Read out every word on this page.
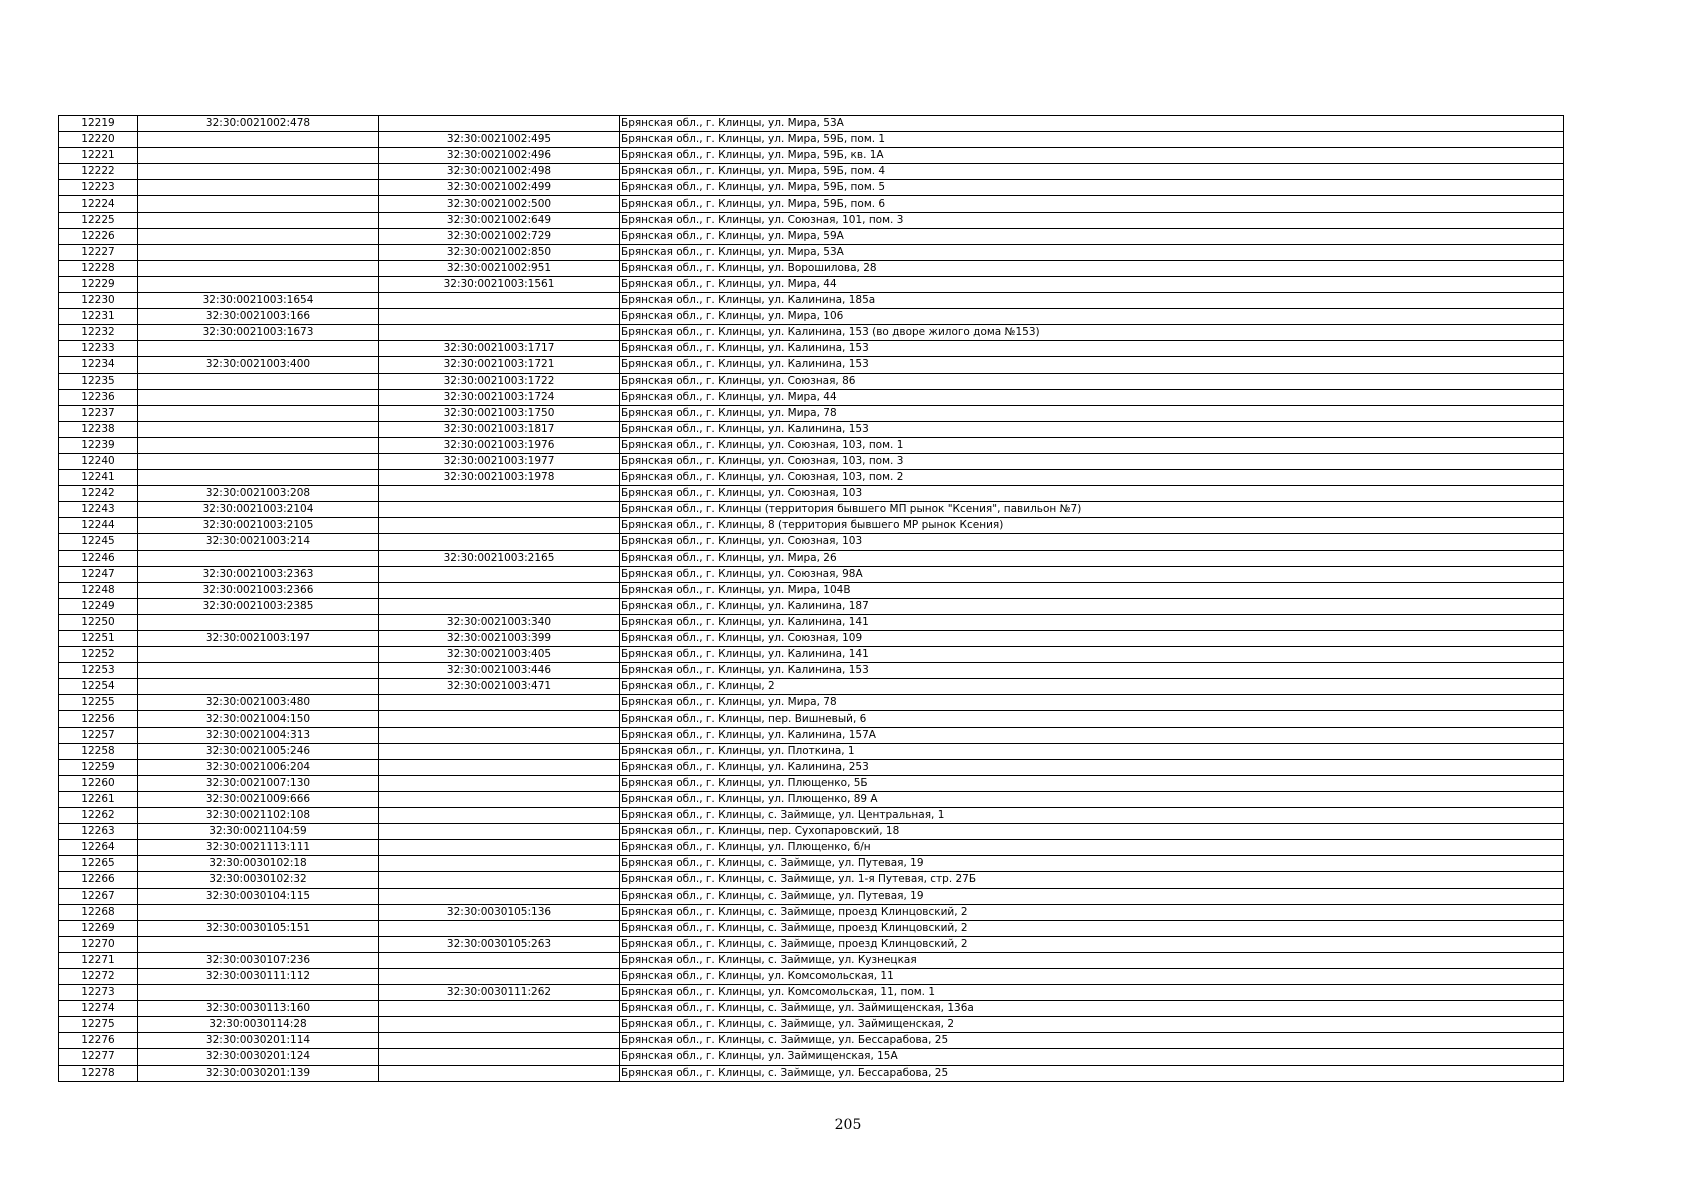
12219	32:30:0021002:478		Брянская обл., г. Клинцы, ул. Мира, 53А
12220		32:30:0021002:495	Брянская обл., г. Клинцы, ул. Мира, 59Б, пом. 1
12221		32:30:0021002:496	Брянская обл., г. Клинцы, ул. Мира, 59Б, кв. 1А
12222		32:30:0021002:498	Брянская обл., г. Клинцы, ул. Мира, 59Б, пом. 4
12223		32:30:0021002:499	Брянская обл., г. Клинцы, ул. Мира, 59Б, пом. 5
12224		32:30:0021002:500	Брянская обл., г. Клинцы, ул. Мира, 59Б, пом. 6
12225		32:30:0021002:649	Брянская обл., г. Клинцы, ул. Союзная, 101, пом. 3
12226		32:30:0021002:729	Брянская обл., г. Клинцы, ул. Мира, 59А
12227		32:30:0021002:850	Брянская обл., г. Клинцы, ул. Мира, 53А
12228		32:30:0021002:951	Брянская обл., г. Клинцы, ул. Ворошилова, 28
12229		32:30:0021003:1561	Брянская обл., г. Клинцы, ул. Мира, 44
12230	32:30:0021003:1654		Брянская обл., г. Клинцы, ул. Калинина, 185а
12231	32:30:0021003:166		Брянская обл., г. Клинцы, ул. Мира, 106
12232	32:30:0021003:1673		Брянская обл., г. Клинцы, ул. Калинина, 153 (во дворе жилого дома №153)
12233		32:30:0021003:1717	Брянская обл., г. Клинцы, ул. Калинина, 153
12234	32:30:0021003:400	32:30:0021003:1721	Брянская обл., г. Клинцы, ул. Калинина, 153
12235		32:30:0021003:1722	Брянская обл., г. Клинцы, ул. Союзная, 86
12236		32:30:0021003:1724	Брянская обл., г. Клинцы, ул. Мира, 44
12237		32:30:0021003:1750	Брянская обл., г. Клинцы, ул. Мира, 78
12238		32:30:0021003:1817	Брянская обл., г. Клинцы, ул. Калинина, 153
12239		32:30:0021003:1976	Брянская обл., г. Клинцы, ул. Союзная, 103, пом. 1
12240		32:30:0021003:1977	Брянская обл., г. Клинцы, ул. Союзная, 103, пом. 3
12241		32:30:0021003:1978	Брянская обл., г. Клинцы, ул. Союзная, 103, пом. 2
12242	32:30:0021003:208		Брянская обл., г. Клинцы, ул. Союзная, 103
12243	32:30:0021003:2104		Брянская обл., г. Клинцы (территория бывшего МП рынок "Ксения", павильон №7)
12244	32:30:0021003:2105		Брянская обл., г. Клинцы, 8 (территория бывшего МР рынок Ксения)
12245	32:30:0021003:214		Брянская обл., г. Клинцы, ул. Союзная, 103
12246		32:30:0021003:2165	Брянская обл., г. Клинцы, ул. Мира, 26
12247	32:30:0021003:2363		Брянская обл., г. Клинцы, ул. Союзная, 98А
12248	32:30:0021003:2366		Брянская обл., г. Клинцы, ул. Мира, 104В
12249	32:30:0021003:2385		Брянская обл., г. Клинцы, ул. Калинина, 187
12250		32:30:0021003:340	Брянская обл., г. Клинцы, ул. Калинина, 141
12251	32:30:0021003:197	32:30:0021003:399	Брянская обл., г. Клинцы, ул. Союзная, 109
12252		32:30:0021003:405	Брянская обл., г. Клинцы, ул. Калинина, 141
12253		32:30:0021003:446	Брянская обл., г. Клинцы, ул. Калинина, 153
12254		32:30:0021003:471	Брянская обл., г. Клинцы, 2
12255	32:30:0021003:480		Брянская обл., г. Клинцы, ул. Мира, 78
12256	32:30:0021004:150		Брянская обл., г. Клинцы, пер. Вишневый, 6
12257	32:30:0021004:313		Брянская обл., г. Клинцы, ул. Калинина, 157А
12258	32:30:0021005:246		Брянская обл., г. Клинцы, ул. Плоткина, 1
12259	32:30:0021006:204		Брянская обл., г. Клинцы, ул. Калинина, 253
12260	32:30:0021007:130		Брянская обл., г. Клинцы, ул. Плющенко, 5Б
12261	32:30:0021009:666		Брянская обл., г. Клинцы, ул. Плющенко, 89 А
12262	32:30:0021102:108		Брянская обл., г. Клинцы, с. Займище, ул. Центральная, 1
12263	32:30:0021104:59		Брянская обл., г. Клинцы, пер. Сухопаровский, 18
12264	32:30:0021113:111		Брянская обл., г. Клинцы, ул. Плющенко, б/н
12265	32:30:0030102:18		Брянская обл., г. Клинцы, с. Займище, ул. Путевая, 19
12266	32:30:0030102:32		Брянская обл., г. Клинцы, с. Займище, ул. 1-я Путевая, стр. 27Б
12267	32:30:0030104:115		Брянская обл., г. Клинцы, с. Займище, ул. Путевая, 19
12268		32:30:0030105:136	Брянская обл., г. Клинцы, с. Займище, проезд Клинцовский, 2
12269	32:30:0030105:151		Брянская обл., г. Клинцы, с. Займище, проезд Клинцовский, 2
12270		32:30:0030105:263	Брянская обл., г. Клинцы, с. Займище, проезд Клинцовский, 2
12271	32:30:0030107:236		Брянская обл., г. Клинцы, с. Займище, ул. Кузнецкая
12272	32:30:0030111:112		Брянская обл., г. Клинцы, ул. Комсомольская, 11
12273		32:30:0030111:262	Брянская обл., г. Клинцы, ул. Комсомольская, 11, пом. 1
12274	32:30:0030113:160		Брянская обл., г. Клинцы, с. Займище, ул. Займищенская, 136а
12275	32:30:0030114:28		Брянская обл., г. Клинцы, с. Займище, ул. Займищенская, 2
12276	32:30:0030201:114		Брянская обл., г. Клинцы, с. Займище, ул. Бессарабова, 25
12277	32:30:0030201:124		Брянская обл., г. Клинцы, ул. Займищенская, 15А
12278	32:30:0030201:139		Брянская обл., г. Клинцы, с. Займище, ул. Бессарабова, 25
205
